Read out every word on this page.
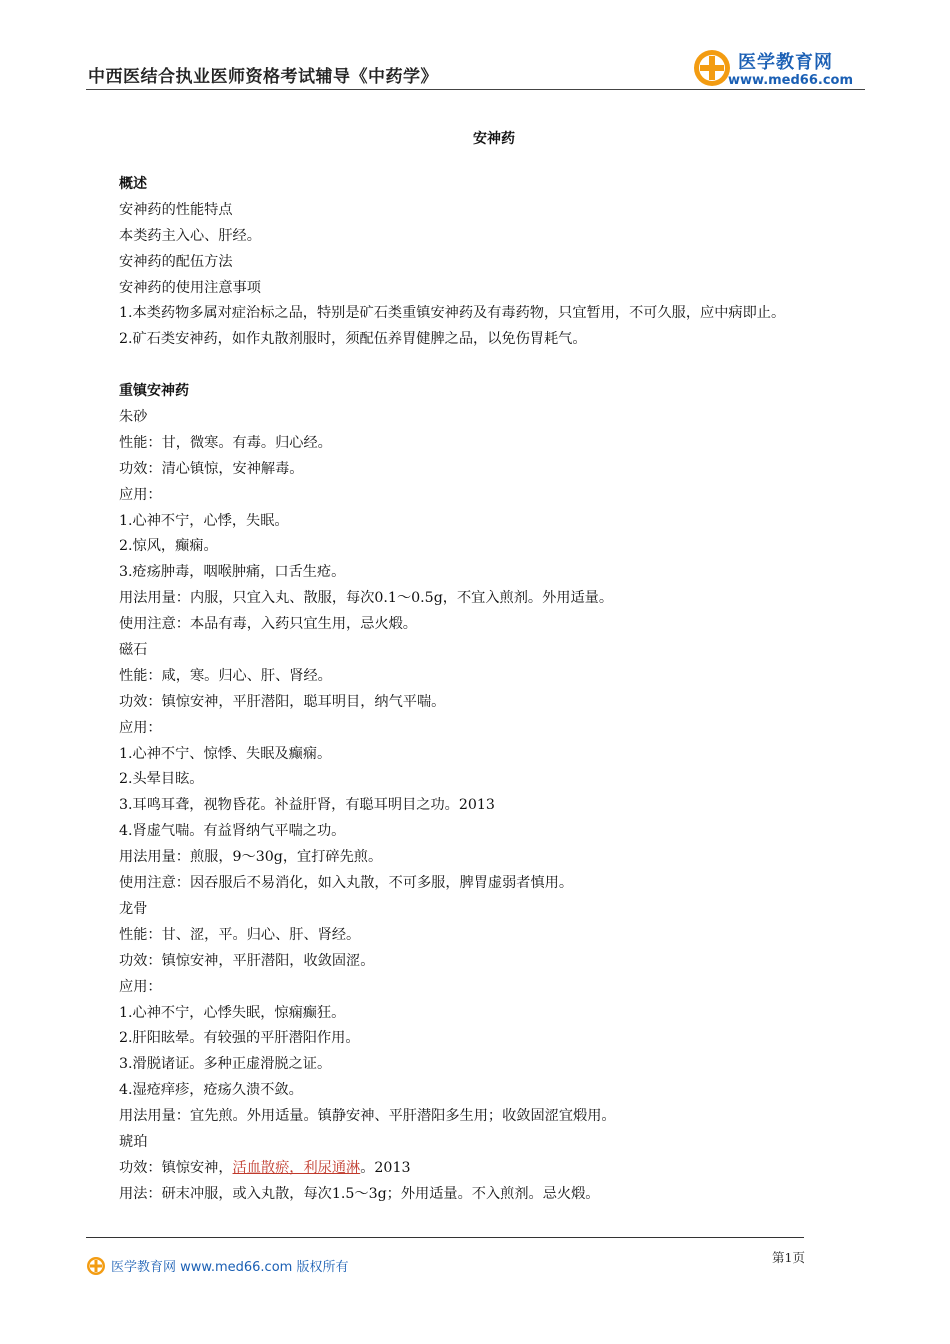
中西医结合执业医师资格考试辅导《中药学》
医学教育网
www.med66.com
安神药
概述
安神药的性能特点
本类药主入心、肝经。
安神药的配伍方法
安神药的使用注意事项
1.本类药物多属对症治标之品，特别是矿石类重镇安神药及有毒药物，只宜暂用，不可久服，应中病即止。
2.矿石类安神药，如作丸散剂服时，须配伍养胃健脾之品，以免伤胃耗气。
重镇安神药
朱砂
性能：甘，微寒。有毒。归心经。
功效：清心镇惊，安神解毒。
应用：
1.心神不宁，心悸，失眠。
2.惊风，癫痫。
3.疮疡肿毒，咽喉肿痛，口舌生疮。
用法用量：内服，只宜入丸、散服，每次0.1～0.5g，不宜入煎剂。外用适量。
使用注意：本品有毒，入药只宜生用，忌火煅。
磁石
性能：咸，寒。归心、肝、肾经。
功效：镇惊安神，平肝潜阳，聪耳明目，纳气平喘。
应用：
1.心神不宁、惊悸、失眠及癫痫。
2.头晕目眩。
3.耳鸣耳聋，视物昏花。补益肝肾，有聪耳明目之功。2013
4.肾虚气喘。有益肾纳气平喘之功。
用法用量：煎服，9～30g，宜打碎先煎。
使用注意：因吞服后不易消化，如入丸散，不可多服，脾胃虚弱者慎用。
龙骨
性能：甘、涩，平。归心、肝、肾经。
功效：镇惊安神，平肝潜阳，收敛固涩。
应用：
1.心神不宁，心悸失眠，惊痫癫狂。
2.肝阳眩晕。有较强的平肝潜阳作用。
3.滑脱诸证。多种正虚滑脱之证。
4.湿疮痒疹，疮疡久溃不敛。
用法用量：宜先煎。外用适量。镇静安神、平肝潜阳多生用；收敛固涩宜煅用。
琥珀
功效：镇惊安神，活血散瘀，利尿通淋。2013
用法：研末冲服，或入丸散，每次1.5～3g；外用适量。不入煎剂。忌火煅。
医学教育网 www.med66.com 版权所有
第1页
